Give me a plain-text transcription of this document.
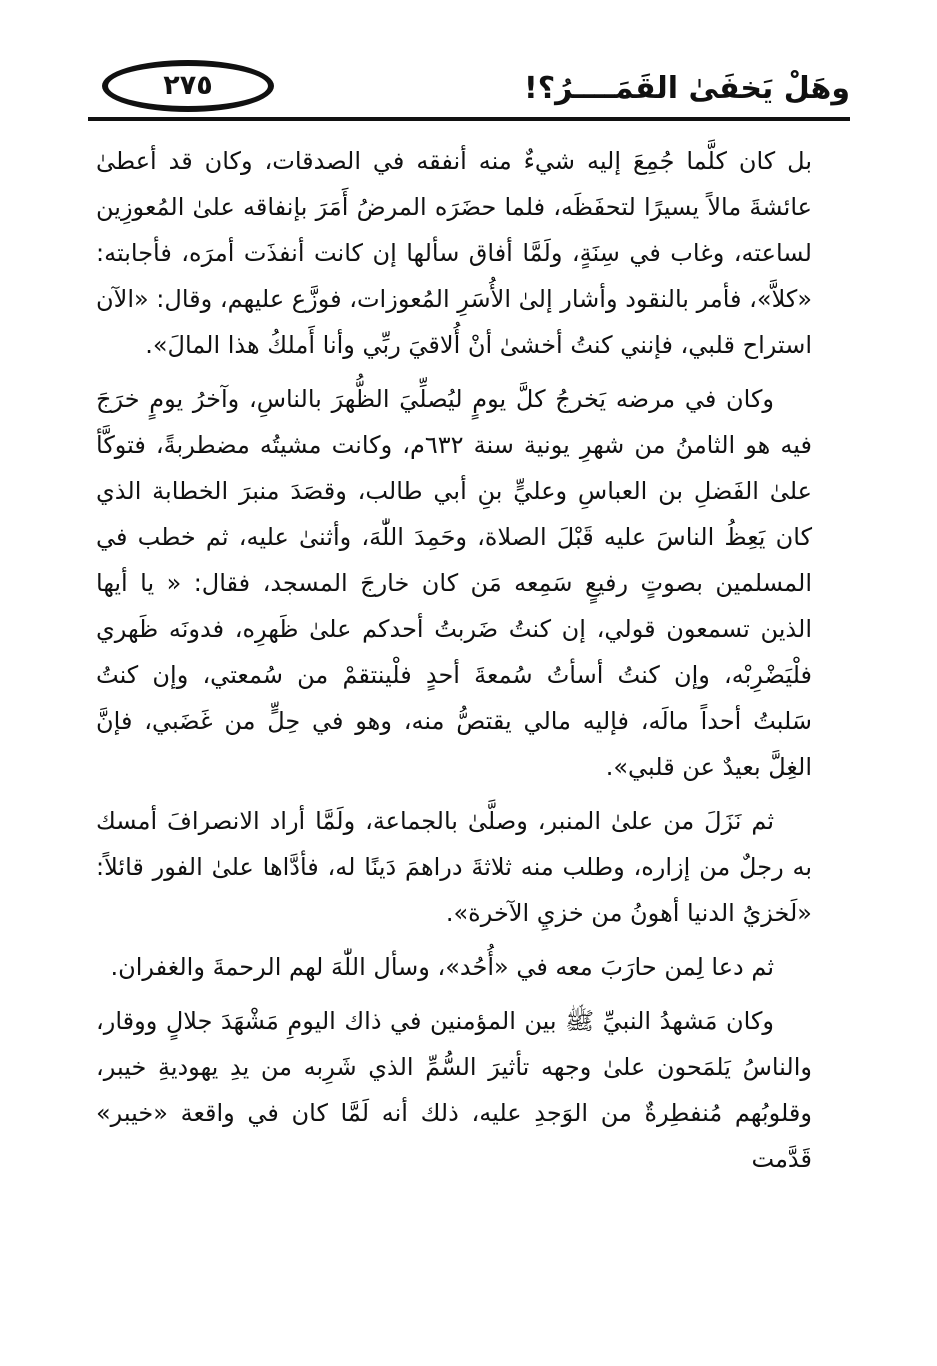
وهَلْ يَخفَىٰ القَمَــــرُ؟!
٢٧٥

بل كان كلَّما جُمِعَ إليه شيءٌ منه أنفقه في الصدقات، وكان قد أعطىٰ عائشةَ مالاً يسيرًا لتحفَظَه، فلما حضَرَه المرضُ أَمَرَ بإنفاقه علىٰ المُعوزِين لساعته، وغاب في سِنَةٍ، ولَمَّا أفاق سألها إن كانت أنفذَت أمرَه، فأجابته: «كلاَّ»، فأمر بالنقود وأشار إلىٰ الأُسَرِ المُعوزات، فوزَّع عليهم، وقال: «الآن استراح قلبي، فإنني كنتُ أخشىٰ أنْ أُلاقيَ ربِّي وأنا أَملكُ هذا المالَ».

وكان في مرضه يَخرجُ كلَّ يومٍ ليُصلِّيَ الظُّهرَ بالناسِ، وآخرُ يومٍ خرَجَ فيه هو الثامنُ من شهرِ يونية سنة ٦٣٢م، وكانت مشيتُه مضطربةً، فتوكَّأ علىٰ الفَضلِ بن العباسِ وعليٍّ بنِ أبي طالب، وقصَدَ منبرَ الخطابة الذي كان يَعِظُ الناسَ عليه قَبْلَ الصلاة، وحَمِدَ اللّٰهَ، وأثنىٰ عليه، ثم خطب في المسلمين بصوتٍ رفيعٍ سَمِعه مَن كان خارجَ المسجد، فقال: « يا أيها الذين تسمعون قولي، إن كنتُ ضَربتُ أحدكم علىٰ ظَهرِه، فدونَه ظَهري فلْيَضْرِبْه، وإن كنتُ أسأتُ سُمعةَ أحدٍ فلْينتقمْ من سُمعتي، وإن كنتُ سَلبتُ أحداً مالَه، فإليه مالي يقتصُّ منه، وهو في حِلٍّ من غَضَبي، فإنَّ الغِلَّ بعيدٌ عن قلبي».

ثم نَزَلَ من علىٰ المنبر، وصلَّىٰ بالجماعة، ولَمَّا أراد الانصرافَ أمسك به رجلٌ من إزاره، وطلب منه ثلاثةَ دراهمَ دَينًا له، فأدَّاها علىٰ الفور قائلاً: «لَخزيُ الدنيا أهونُ من خزيِ الآخرة».

ثم دعا لِمن حارَبَ معه في «أُحُد»، وسأل اللّٰهَ لهم الرحمةَ والغفران.

وكان مَشهدُ النبيِّ ﷺ بين المؤمنين في ذاك اليومِ مَشْهَدَ جلالٍ ووقار، والناسُ يَلمَحون علىٰ وجهه تأثيرَ السُّمِّ الذي شَرِبه من يدِ يهوديةِ خيبر، وقلوبُهم مُنفطِرةٌ من الوَجدِ عليه، ذلك أنه لَمَّا كان في واقعة «خيبر» قَدَّمت
